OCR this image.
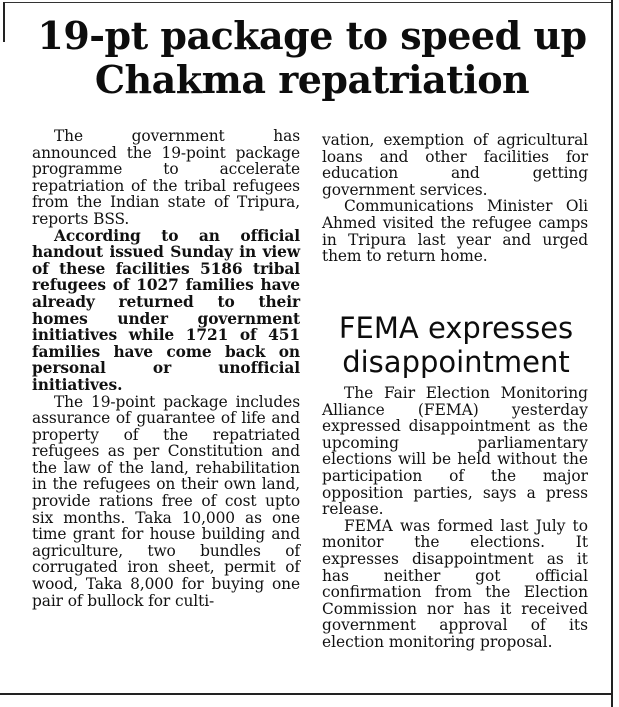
19-pt package to speed up
Chakma repatriation

The government has announced the 19-point package programme to accelerate repatriation of the tribal refugees from the Indian state of Tripura, reports BSS.

According to an official handout issued Sunday in view of these facilities 5186 tribal refugees of 1027 families have already returned to their homes under government initiatives while 1721 of 451 families have come back on personal or unofficial initiatives.

The 19-point package includes assurance of guarantee of life and property of the repatriated refugees as per Constitution and the law of the land, rehabilitation in the refugees on their own land, provide rations free of cost upto six months. Taka 10,000 as one time grant for house building and agriculture, two bundles of corrugated iron sheet, permit of wood, Taka 8,000 for buying one pair of bullock for culti-

vation, exemption of agricultural loans and other facilities for education and getting government services.

Communications Minister Oli Ahmed visited the refugee camps in Tripura last year and urged them to return home.

FEMA expresses
disappointment

The Fair Election Monitoring Alliance (FEMA) yesterday expressed disappointment as the upcoming parliamentary elections will be held without the participation of the major opposition parties, says a press release.

FEMA was formed last July to monitor the elections. It expresses disappointment as it has neither got official confirmation from the Election Commission nor has it received government approval of its election monitoring proposal.
